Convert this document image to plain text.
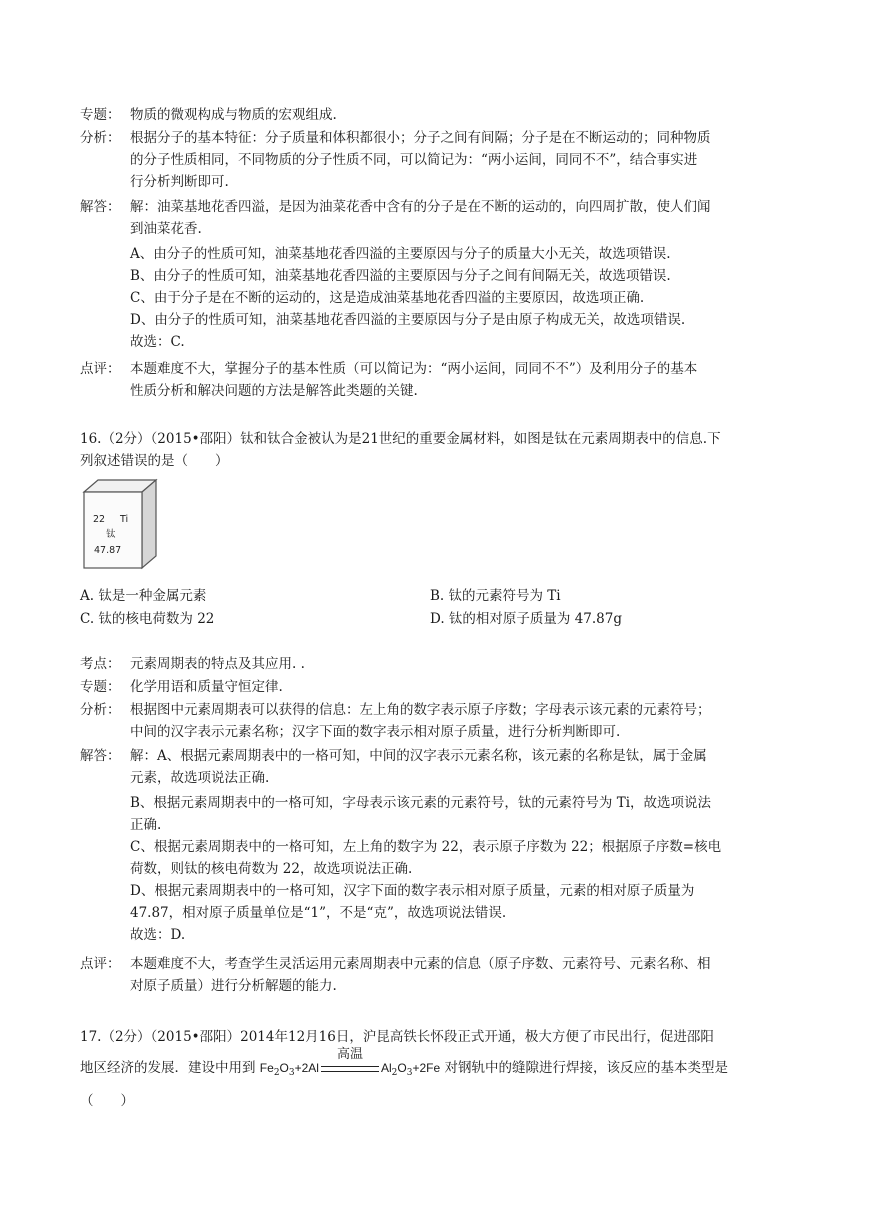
专题： 物质的微观构成与物质的宏观组成.
分析： 根据分子的基本特征：分子质量和体积都很小；分子之间有间隔；分子是在不断运动的；同种物质
的分子性质相同，不同物质的分子性质不同，可以简记为：“两小运间，同同不不”，结合事实进
行分析判断即可.
解答： 解：油菜基地花香四溢，是因为油菜花香中含有的分子是在不断的运动的，向四周扩散，使人们闻
到油菜花香.
A、由分子的性质可知，油菜基地花香四溢的主要原因与分子的质量大小无关，故选项错误.
B、由分子的性质可知，油菜基地花香四溢的主要原因与分子之间有间隔无关，故选项错误.
C、由于分子是在不断的运动的，这是造成油菜基地花香四溢的主要原因，故选项正确.
D、由分子的性质可知，油菜基地花香四溢的主要原因与分子是由原子构成无关，故选项错误.
故选：C.
点评： 本题难度不大，掌握分子的基本性质（可以简记为：“两小运间，同同不不”）及利用分子的基本
性质分析和解决问题的方法是解答此类题的关键.
16.（2分）（2015•邵阳）钛和钛合金被认为是21世纪的重要金属材料，如图是钛在元素周期表中的信息.下
列叙述错误的是（　　）
22 Ti
钛
47.87
A. 钛是一种金属元素	B. 钛的元素符号为 Ti
C. 钛的核电荷数为 22	D. 钛的相对原子质量为 47.87g
考点： 元素周期表的特点及其应用. .
专题： 化学用语和质量守恒定律.
分析： 根据图中元素周期表可以获得的信息：左上角的数字表示原子序数；字母表示该元素的元素符号；
中间的汉字表示元素名称；汉字下面的数字表示相对原子质量，进行分析判断即可.
解答： 解：A、根据元素周期表中的一格可知，中间的汉字表示元素名称，该元素的名称是钛，属于金属
元素，故选项说法正确.
B、根据元素周期表中的一格可知，字母表示该元素的元素符号，钛的元素符号为 Ti，故选项说法
正确.
C、根据元素周期表中的一格可知，左上角的数字为 22，表示原子序数为 22；根据原子序数=核电
荷数，则钛的核电荷数为 22，故选项说法正确.
D、根据元素周期表中的一格可知，汉字下面的数字表示相对原子质量，元素的相对原子质量为
47.87，相对原子质量单位是“1”，不是“克”，故选项说法错误.
故选：D.
点评： 本题难度不大，考查学生灵活运用元素周期表中元素的信息（原子序数、元素符号、元素名称、相
对原子质量）进行分析解题的能力.
17.（2分）（2015•邵阳）2014年12月16日，沪昆高铁长怀段正式开通，极大方便了市民出行，促进邵阳
地区经济的发展．建设中用到 $Fe_2O_3+2Al$
高温
$Al_2O_3+2Fe$ 对钢轨中的缝隙进行焊接，该反应的基本类型是
（　　）
